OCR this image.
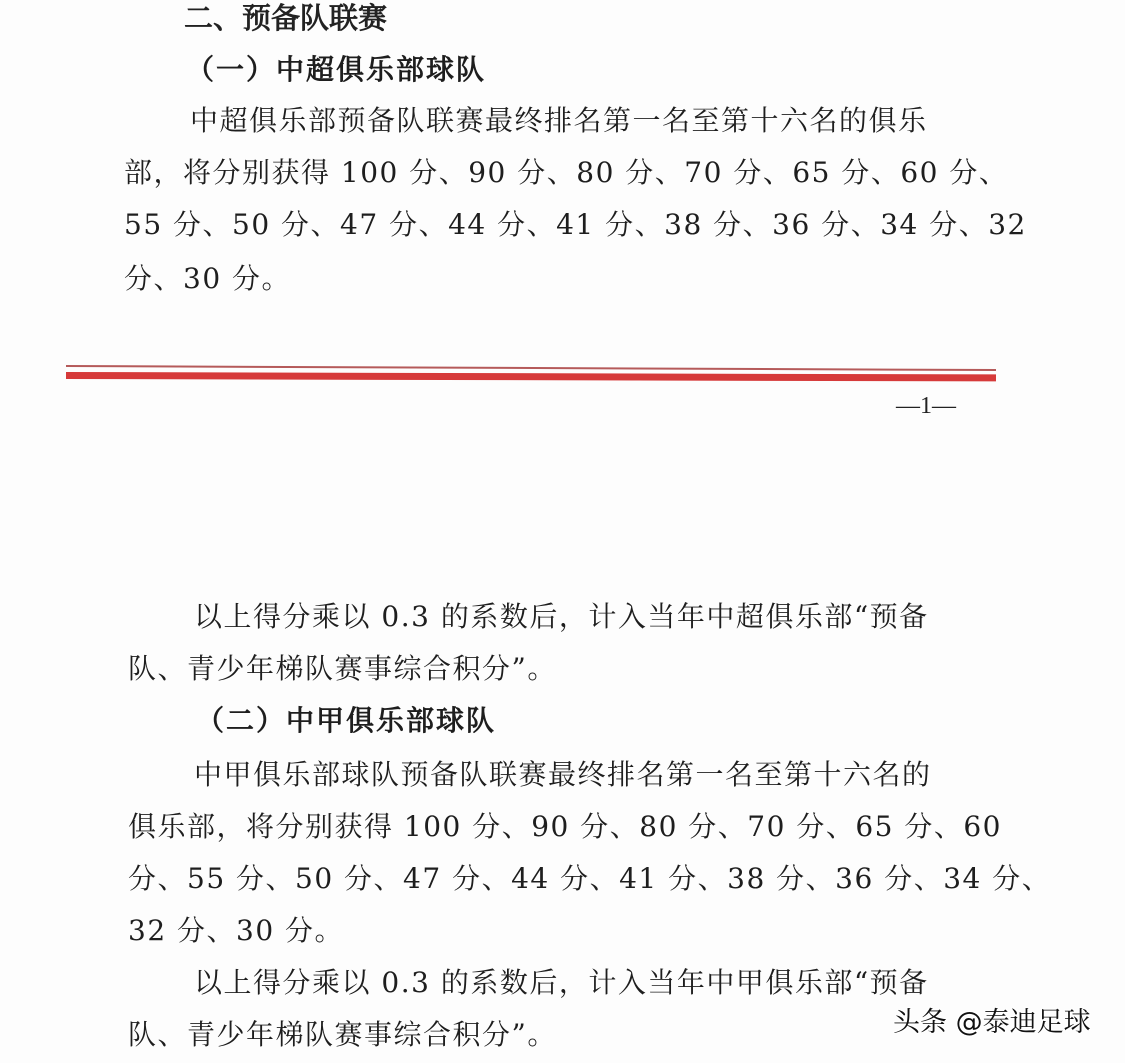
二、预备队联赛
（一）中超俱乐部球队
中超俱乐部预备队联赛最终排名第一名至第十六名的俱乐
部，将分别获得 100 分、90 分、80 分、70 分、65 分、60 分、
55 分、50 分、47 分、44 分、41 分、38 分、36 分、34 分、32
分、30 分。
—1—
以上得分乘以 0.3 的系数后，计入当年中超俱乐部“预备
队、青少年梯队赛事综合积分”。
（二）中甲俱乐部球队
中甲俱乐部球队预备队联赛最终排名第一名至第十六名的
俱乐部，将分别获得 100 分、90 分、80 分、70 分、65 分、60
分、55 分、50 分、47 分、44 分、41 分、38 分、36 分、34 分、
32 分、30 分。
以上得分乘以 0.3 的系数后，计入当年中甲俱乐部“预备
队、青少年梯队赛事综合积分”。	头条 @泰迪足球
